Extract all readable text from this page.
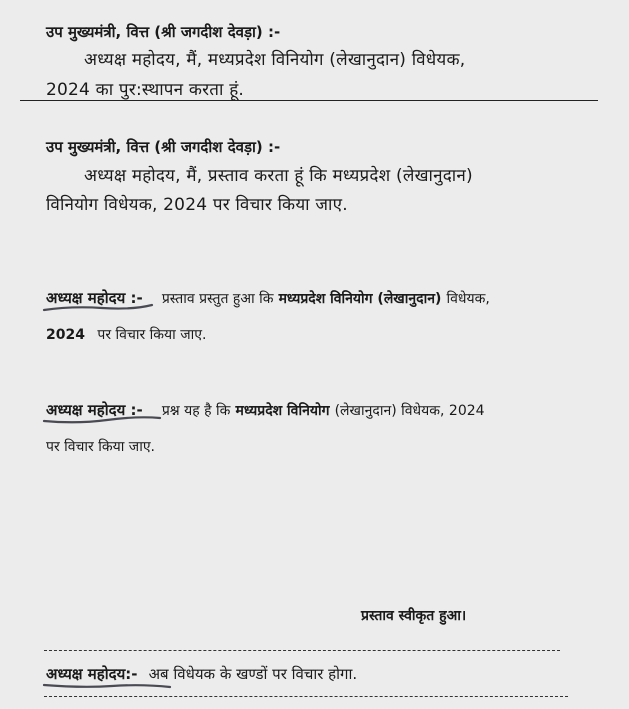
उप मुख्यमंत्री, वित्त (श्री जगदीश देवड़ा) :-
अध्यक्ष महोदय, मैं, मध्यप्रदेश विनियोग (लेखानुदान) विधेयक,
2024 का पुर:स्थापन करता हूं.
उप मुख्यमंत्री, वित्त (श्री जगदीश देवड़ा) :-
अध्यक्ष महोदय, मैं, प्रस्ताव करता हूं कि मध्यप्रदेश (लेखानुदान)
विनियोग विधेयक, 2024 पर विचार किया जाए.
अध्यक्ष महोदय :- प्रस्ताव प्रस्तुत हुआ कि मध्यप्रदेश विनियोग (लेखानुदान) विधेयक,
2024 पर विचार किया जाए.
अध्यक्ष महोदय :- प्रश्न यह है कि मध्यप्रदेश विनियोग (लेखानुदान) विधेयक, 2024
पर विचार किया जाए.
प्रस्ताव स्वीकृत हुआ।
अध्यक्ष महोदय:- अब विधेयक के खण्डों पर विचार होगा.
